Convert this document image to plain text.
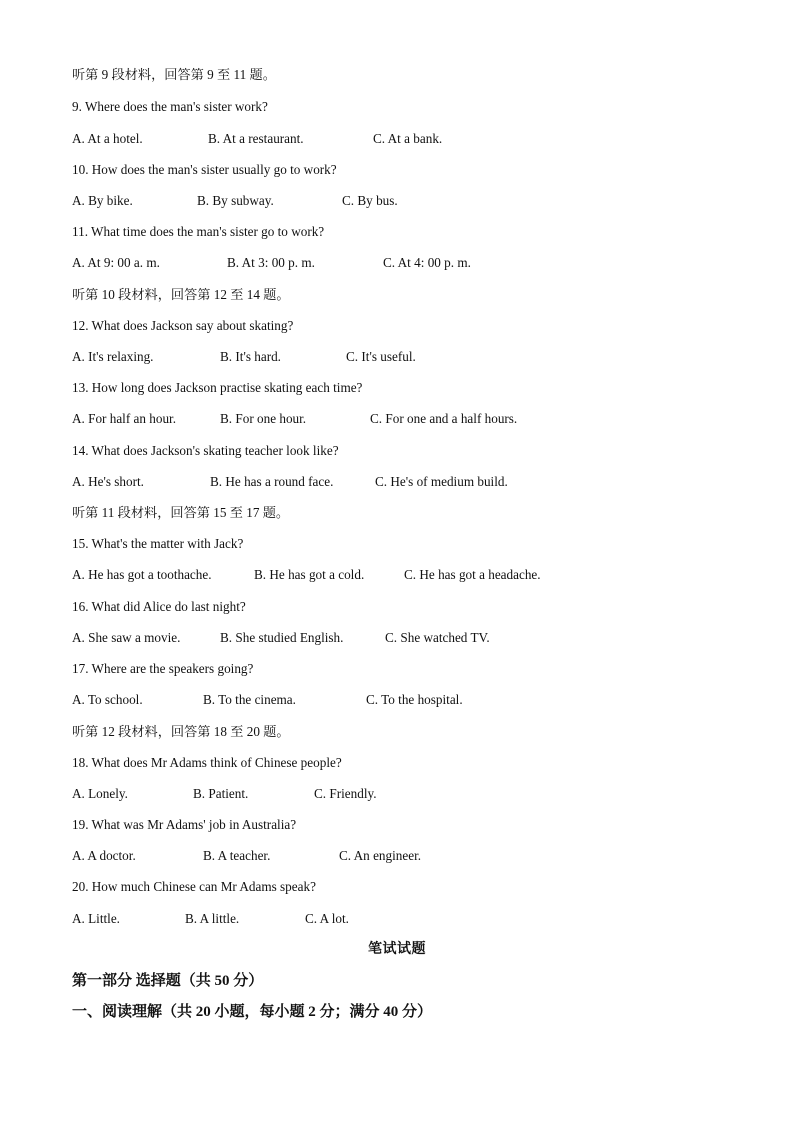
听第 9 段材料，回答第 9 至 11 题。
9. Where does the man's sister work?
A. At a hotel.	B. At a restaurant.	C. At a bank.
10. How does the man's sister usually go to work?
A. By bike.	B. By subway.	C. By bus.
11. What time does the man's sister go to work?
A. At 9: 00 a. m.	B. At 3: 00 p. m.	C. At 4: 00 p. m.
听第 10 段材料，回答第 12 至 14 题。
12. What does Jackson say about skating?
A. It's relaxing.	B. It's hard.	C. It's useful.
13. How long does Jackson practise skating each time?
A. For half an hour.	B. For one hour.	C. For one and a half hours.
14. What does Jackson's skating teacher look like?
A. He's short.	B. He has a round face.	C. He's of medium build.
听第 11 段材料，回答第 15 至 17 题。
15. What's the matter with Jack?
A. He has got a toothache.	B. He has got a cold.	C. He has got a headache.
16. What did Alice do last night?
A. She saw a movie.	B. She studied English.	C. She watched TV.
17. Where are the speakers going?
A. To school.	B. To the cinema.	C. To the hospital.
听第 12 段材料，回答第 18 至 20 题。
18. What does Mr Adams think of Chinese people?
A. Lonely.	B. Patient.	C. Friendly.
19. What was Mr Adams' job in Australia?
A. A doctor.	B. A teacher.	C. An engineer.
20. How much Chinese can Mr Adams speak?
A. Little.	B. A little.	C. A lot.
笔试试题
第一部分 选择题（共 50 分）
一、阅读理解（共 20 小题，每小题 2 分；满分 40 分）
